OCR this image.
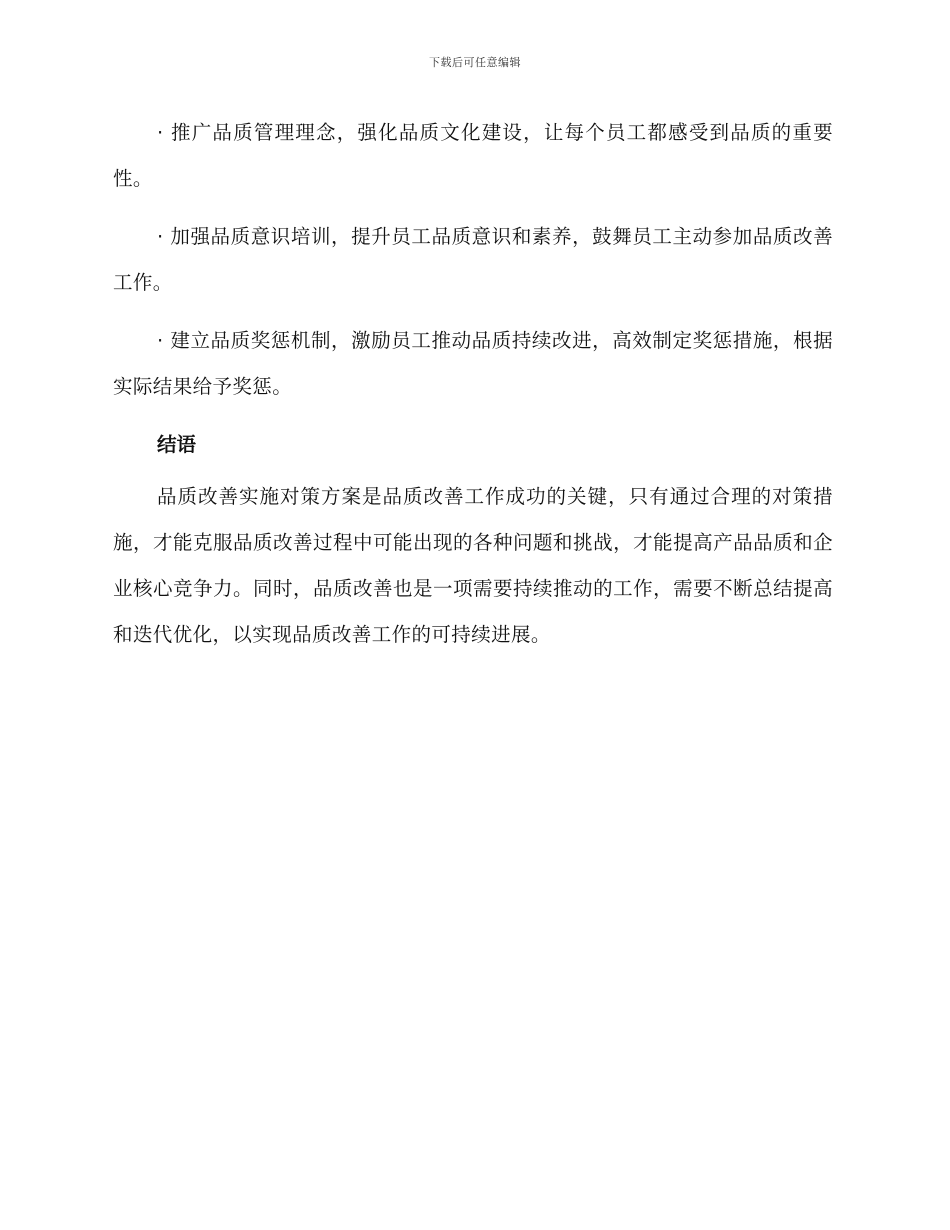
下载后可任意编辑

· 推广品质管理理念，强化品质文化建设，让每个员工都感受到品质的重要性。

· 加强品质意识培训，提升员工品质意识和素养，鼓舞员工主动参加品质改善工作。

· 建立品质奖惩机制，激励员工推动品质持续改进，高效制定奖惩措施，根据实际结果给予奖惩。

结语

品质改善实施对策方案是品质改善工作成功的关键，只有通过合理的对策措施，才能克服品质改善过程中可能出现的各种问题和挑战，才能提高产品品质和企业核心竞争力。同时，品质改善也是一项需要持续推动的工作，需要不断总结提高和迭代优化，以实现品质改善工作的可持续进展。
